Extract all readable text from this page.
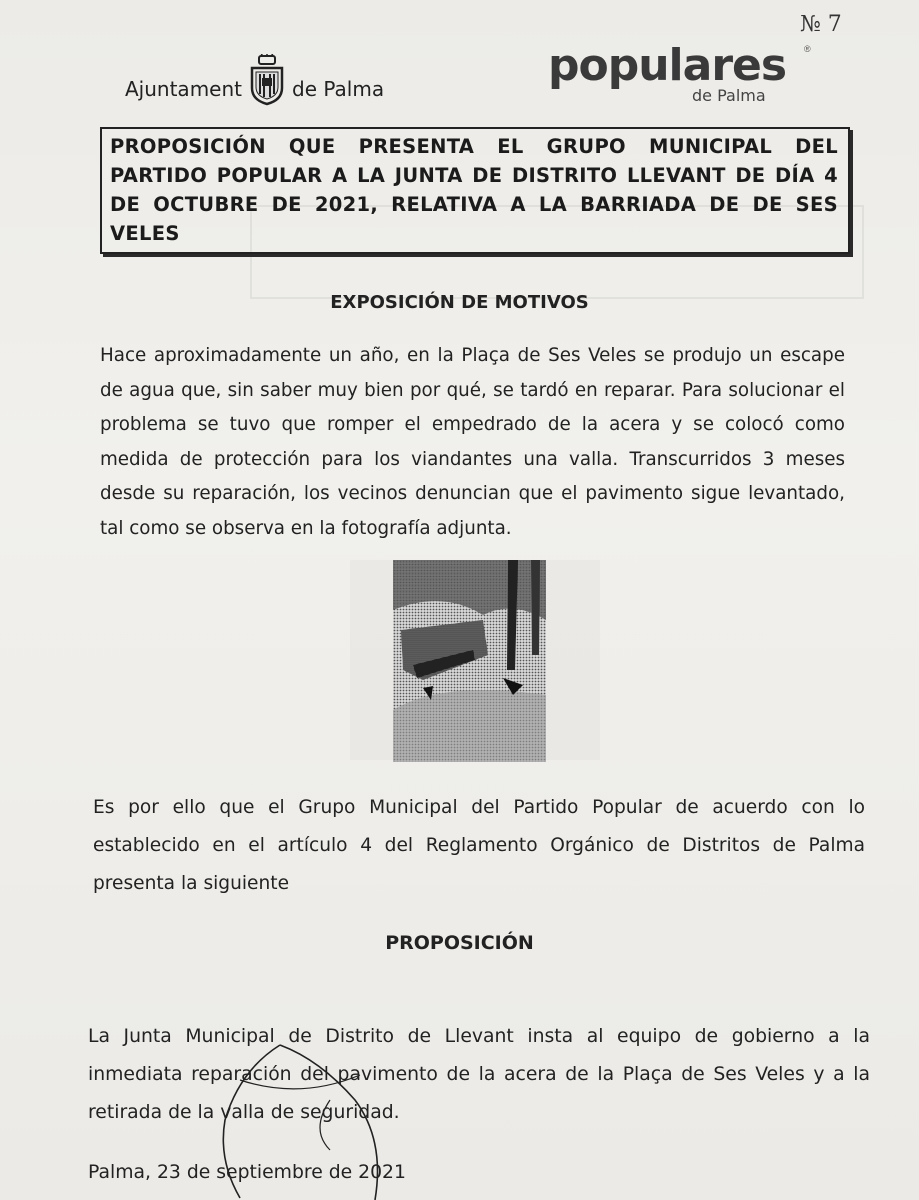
№ 7
Ajuntament	de Palma	populares ®
de Palma
PROPOSICIÓN QUE PRESENTA EL GRUPO MUNICIPAL DEL PARTIDO POPULAR A LA JUNTA DE DISTRITO LLEVANT DE DÍA 4 DE OCTUBRE DE 2021, RELATIVA A LA BARRIADA DE DE SES VELES
EXPOSICIÓN DE MOTIVOS
Hace aproximadamente un año, en la Plaça de Ses Veles se produjo un escape de agua que, sin saber muy bien por qué, se tardó en reparar. Para solucionar el problema se tuvo que romper el empedrado de la acera y se colocó como medida de protección para los viandantes una valla. Transcurridos 3 meses desde su reparación, los vecinos denuncian que el pavimento sigue levantado, tal como se observa en la fotografía adjunta.
Es por ello que el Grupo Municipal del Partido Popular de acuerdo con lo establecido en el artículo 4 del Reglamento Orgánico de Distritos de Palma presenta la siguiente
PROPOSICIÓN
La Junta Municipal de Distrito de Llevant insta al equipo de gobierno a la inmediata reparación del pavimento de la acera de la Plaça de Ses Veles y a la retirada de la valla de seguridad.
Palma, 23 de septiembre de 2021
